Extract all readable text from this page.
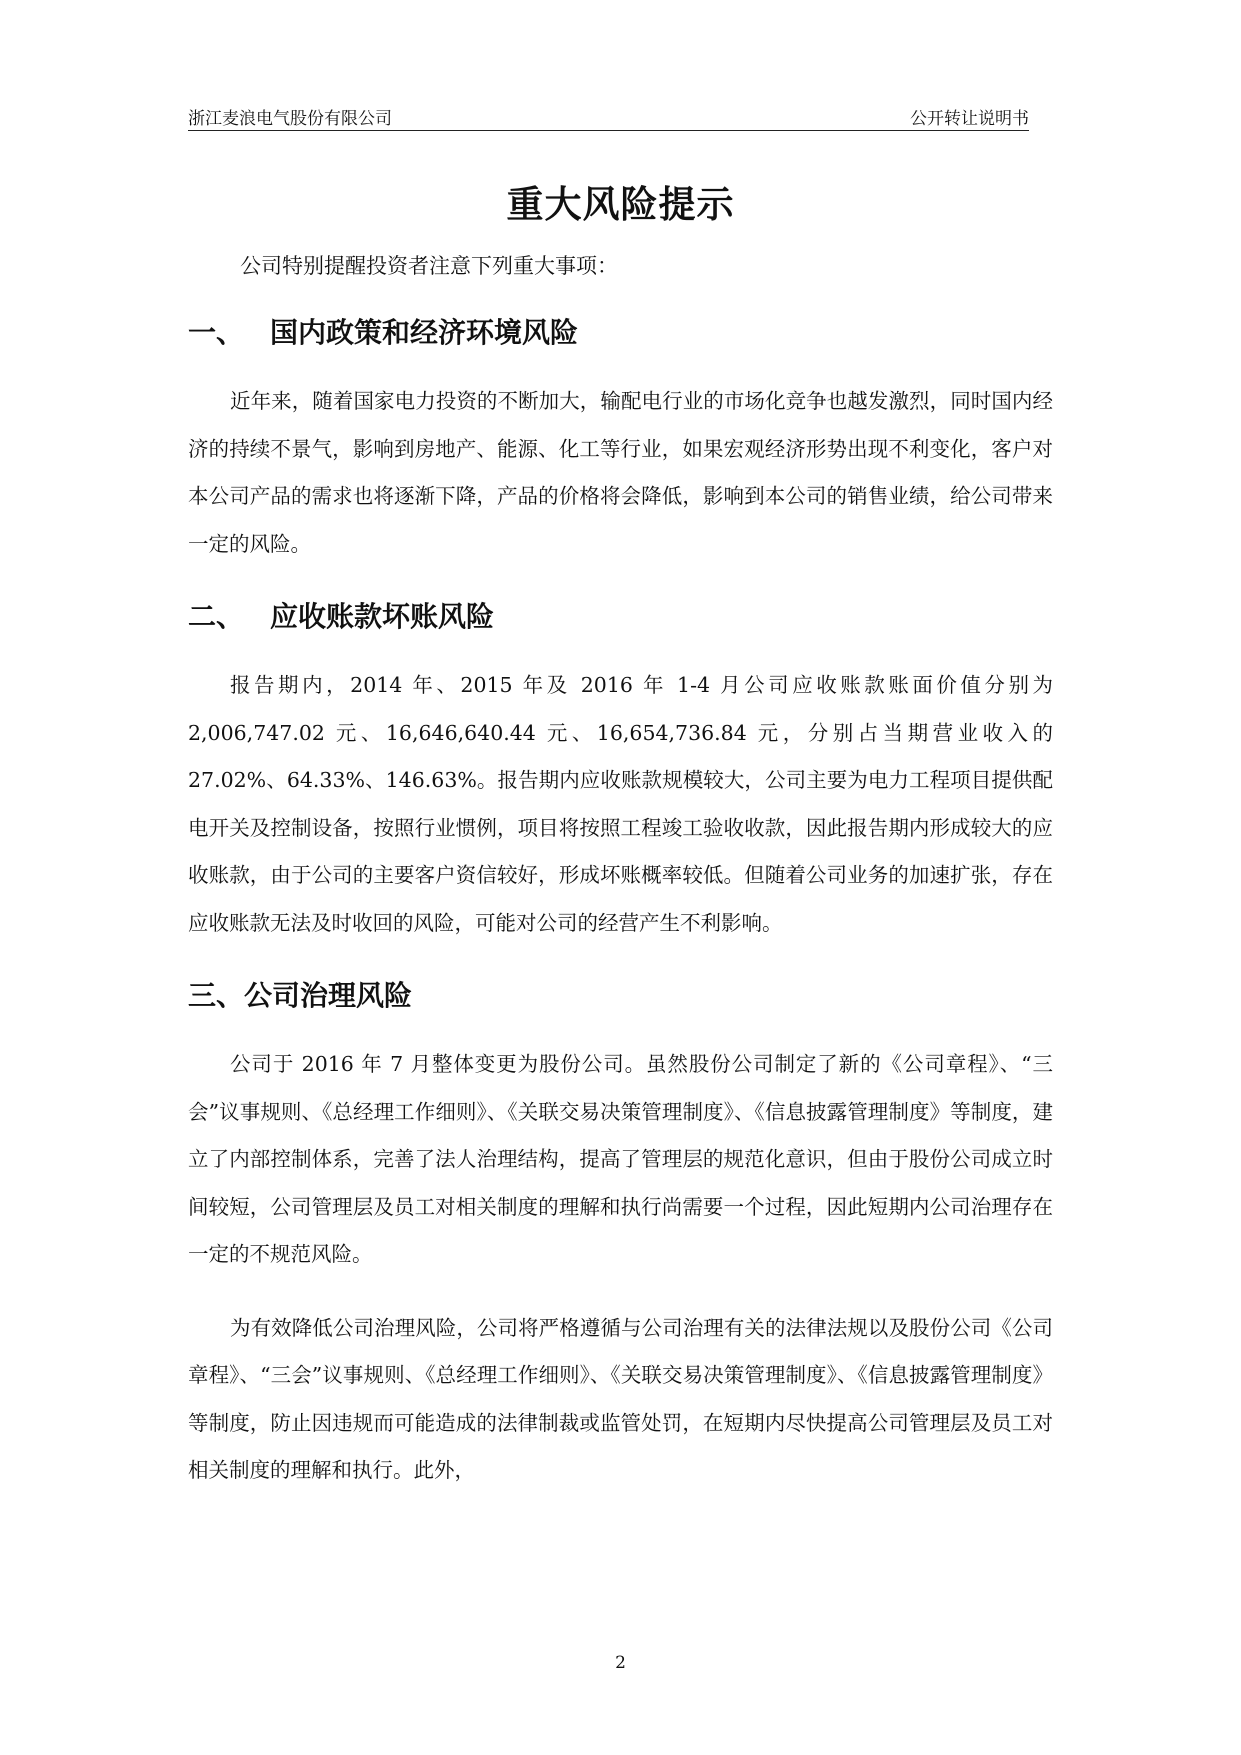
浙江麦浪电气股份有限公司	公开转让说明书
重大风险提示
公司特别提醒投资者注意下列重大事项：
一、 国内政策和经济环境风险

近年来，随着国家电力投资的不断加大，输配电行业的市场化竞争也越发激烈，同时国内经济的持续不景气，影响到房地产、能源、化工等行业，如果宏观经济形势出现不利变化，客户对本公司产品的需求也将逐渐下降，产品的价格将会降低，影响到本公司的销售业绩，给公司带来一定的风险。

二、 应收账款坏账风险

报告期内，2014 年、2015 年及 2016 年 1-4 月公司应收账款账面价值分别为 2,006,747.02 元、16,646,640.44 元、16,654,736.84 元，分别占当期营业收入的 27.02%、64.33%、146.63%。报告期内应收账款规模较大，公司主要为电力工程项目提供配电开关及控制设备，按照行业惯例，项目将按照工程竣工验收收款，因此报告期内形成较大的应收账款，由于公司的主要客户资信较好，形成坏账概率较低。但随着公司业务的加速扩张，存在应收账款无法及时收回的风险，可能对公司的经营产生不利影响。

三、公司治理风险

公司于 2016 年 7 月整体变更为股份公司。虽然股份公司制定了新的《公司章程》、“三会”议事规则、《总经理工作细则》、《关联交易决策管理制度》、《信息披露管理制度》等制度，建立了内部控制体系，完善了法人治理结构，提高了管理层的规范化意识，但由于股份公司成立时间较短，公司管理层及员工对相关制度的理解和执行尚需要一个过程，因此短期内公司治理存在一定的不规范风险。

为有效降低公司治理风险，公司将严格遵循与公司治理有关的法律法规以及股份公司《公司章程》、“三会”议事规则、《总经理工作细则》、《关联交易决策管理制度》、《信息披露管理制度》等制度，防止因违规而可能造成的法律制裁或监管处罚，在短期内尽快提高公司管理层及员工对相关制度的理解和执行。此外，

2
